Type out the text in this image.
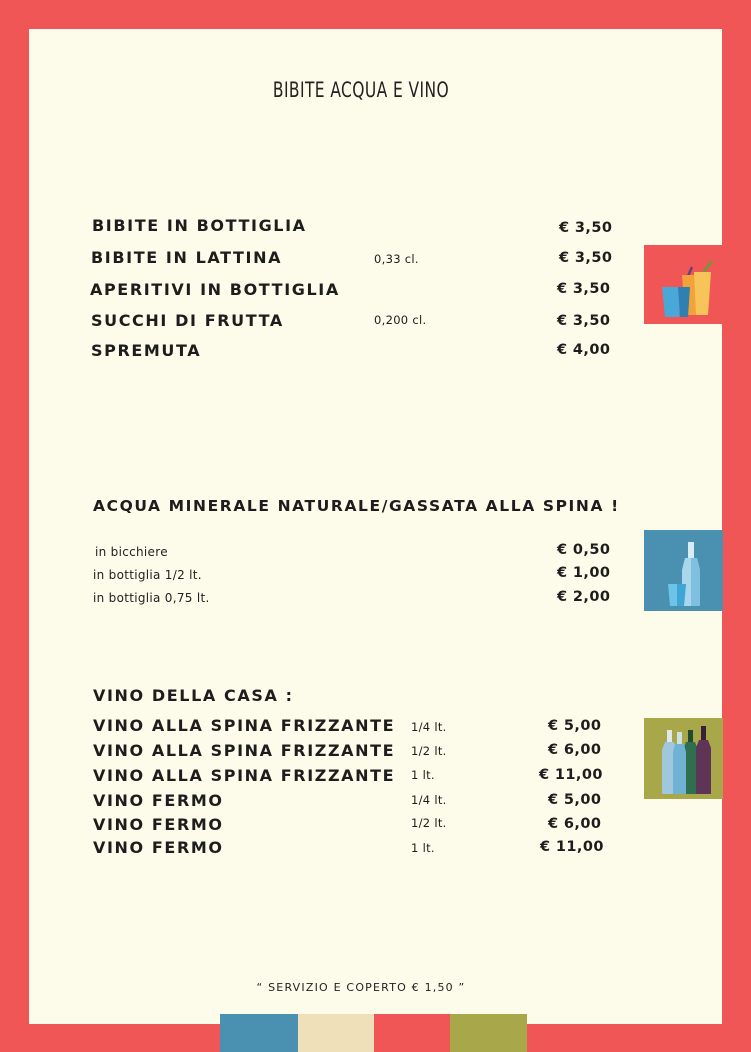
BIBITE ACQUA E VINO
BIBITE IN BOTTIGLIA	€ 3,50
BIBITE IN LATTINA	0,33 cl.	€ 3,50
APERITIVI IN BOTTIGLIA	€ 3,50
SUCCHI DI FRUTTA	0,200 cl.	€ 3,50
SPREMUTA	€ 4,00
ACQUA MINERALE NATURALE/GASSATA ALLA SPINA !
in bicchiere	€ 0,50
in bottiglia 1/2 lt.	€ 1,00
in bottiglia 0,75 lt.	€ 2,00
VINO DELLA CASA :
VINO ALLA SPINA FRIZZANTE 1/4 lt.	€ 5,00
VINO ALLA SPINA FRIZZANTE 1/2 lt.	€ 6,00
VINO ALLA SPINA FRIZZANTE 1 lt.	€ 11,00
VINO FERMO	1/4 lt.	€ 5,00
VINO FERMO	1/2 lt.	€ 6,00
VINO FERMO	1 lt.	€ 11,00
“ SERVIZIO E COPERTO € 1,50 ”
